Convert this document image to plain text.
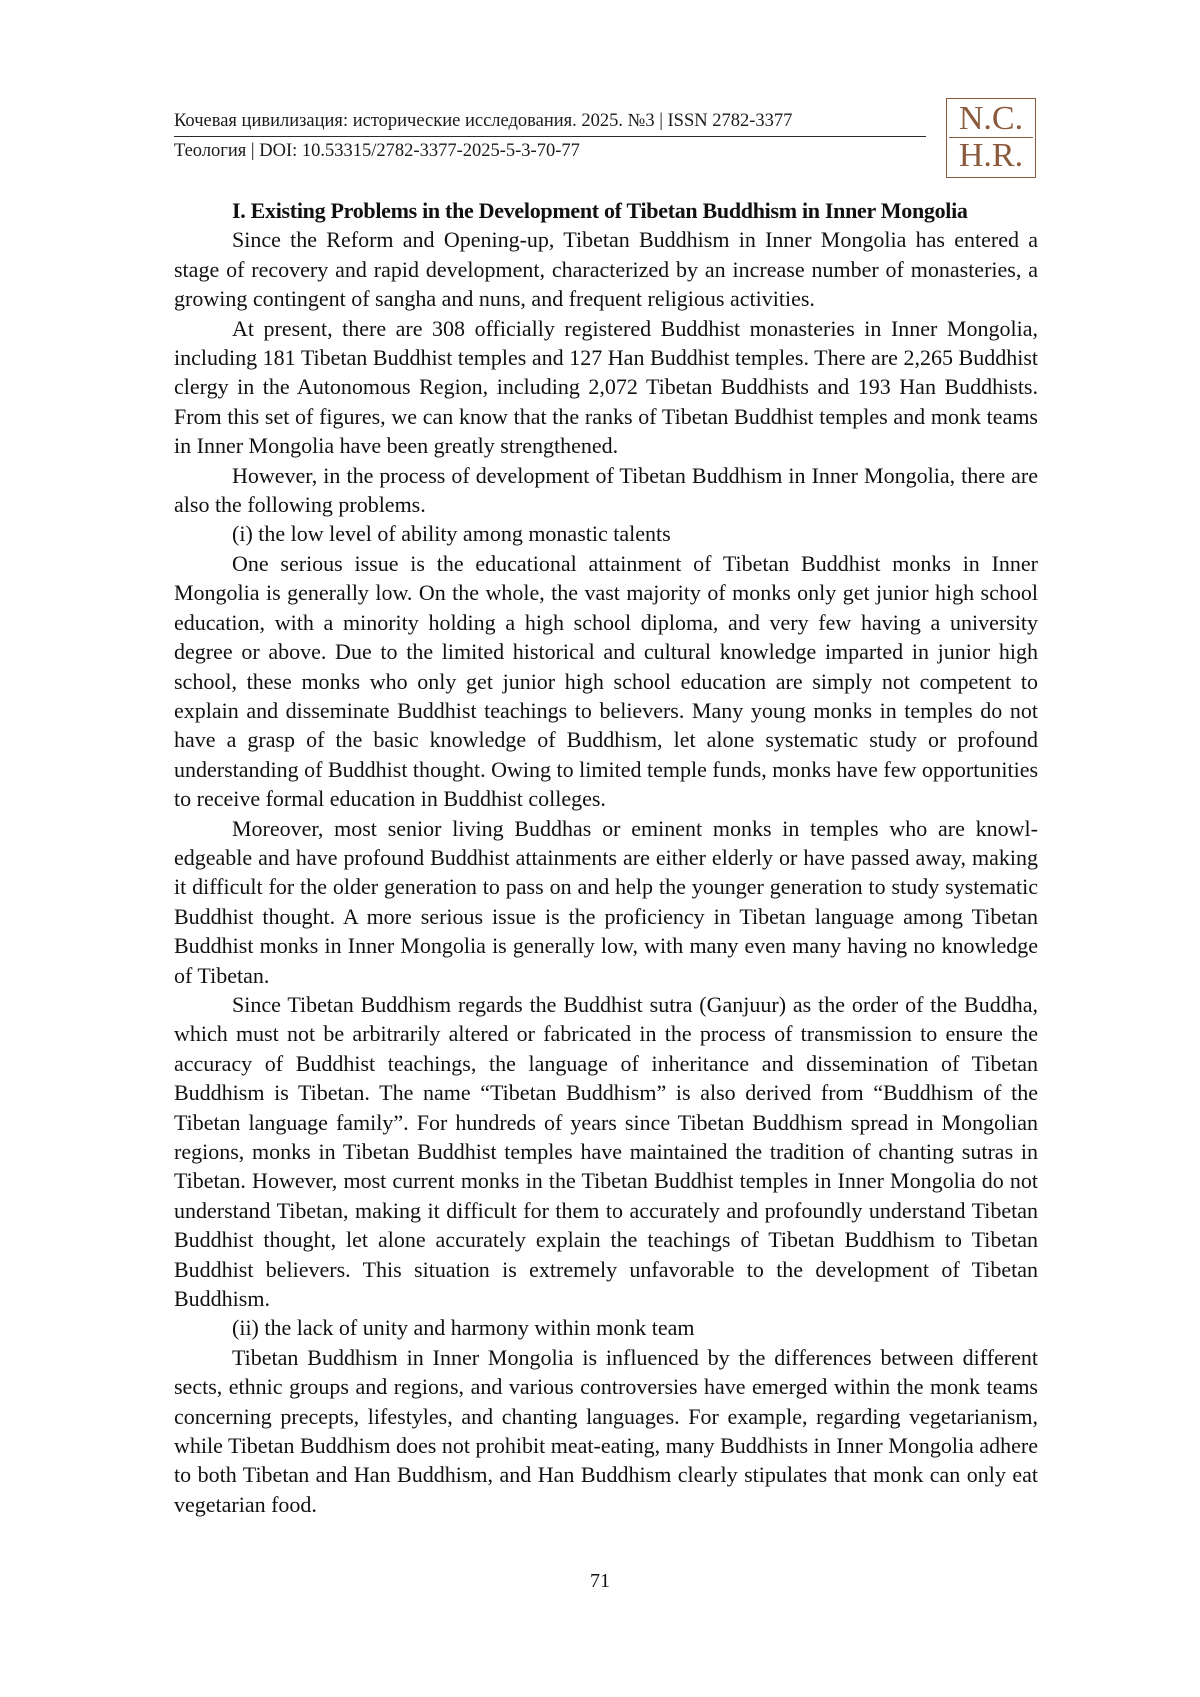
Кочевая цивилизация: исторические исследования. 2025. №3 | ISSN 2782-3377
Теология | DOI: 10.53315/2782-3377-2025-5-3-70-77
N.C.
H.R.

I. Existing Problems in the Development of Tibetan Buddhism in Inner Mongolia

Since the Reform and Opening-up, Tibetan Buddhism in Inner Mongolia has entered a stage of recovery and rapid development, characterized by an increase number of monasteries, a growing contingent of sangha and nuns, and frequent religious activities.

At present, there are 308 officially registered Buddhist monasteries in Inner Mongolia, including 181 Tibetan Buddhist temples and 127 Han Buddhist temples. There are 2,265 Buddhist clergy in the Autonomous Region, including 2,072 Tibetan Buddhists and 193 Han Buddhists. From this set of figures, we can know that the ranks of Tibetan Buddhist temples and monk teams in Inner Mongolia have been greatly strengthened.

However, in the process of development of Tibetan Buddhism in Inner Mongolia, there are also the following problems.

(i) the low level of ability among monastic talents

One serious issue is the educational attainment of Tibetan Buddhist monks in Inner Mongolia is generally low. On the whole, the vast majority of monks only get junior high school education, with a minority holding a high school diploma, and very few having a university degree or above. Due to the limited historical and cultural knowledge imparted in junior high school, these monks who only get junior high school education are simply not competent to explain and disseminate Buddhist teachings to believers. Many young monks in temples do not have a grasp of the basic knowledge of Buddhism, let alone systematic study or profound understanding of Buddhist thought. Owing to limited temple funds, monks have few opportunities to receive formal education in Buddhist colleges.

Moreover, most senior living Buddhas or eminent monks in temples who are knowledgeable and have profound Buddhist attainments are either elderly or have passed away, making it difficult for the older generation to pass on and help the younger generation to study systematic Buddhist thought. A more serious issue is the proficiency in Tibetan language among Tibetan Buddhist monks in Inner Mongolia is generally low, with many even many having no knowledge of Tibetan.

Since Tibetan Buddhism regards the Buddhist sutra (Ganjuur) as the order of the Buddha, which must not be arbitrarily altered or fabricated in the process of transmission to ensure the accuracy of Buddhist teachings, the language of inheritance and dissemination of Tibetan Buddhism is Tibetan. The name “Tibetan Buddhism” is also derived from “Buddhism of the Tibetan language family”. For hundreds of years since Tibetan Buddhism spread in Mongolian regions, monks in Tibetan Buddhist temples have maintained the tradition of chanting sutras in Tibetan. However, most current monks in the Tibetan Buddhist temples in Inner Mongolia do not understand Tibetan, making it difficult for them to accurately and profoundly understand Tibetan Buddhist thought, let alone accurately explain the teachings of Tibetan Buddhism to Tibetan Buddhist believers. This situation is extremely unfavorable to the development of Tibetan Buddhism.

(ii) the lack of unity and harmony within monk team

Tibetan Buddhism in Inner Mongolia is influenced by the differences between different sects, ethnic groups and regions, and various controversies have emerged within the monk teams concerning precepts, lifestyles, and chanting languages. For example, regarding vegetarianism, while Tibetan Buddhism does not prohibit meat-eating, many Buddhists in Inner Mongolia adhere to both Tibetan and Han Buddhism, and Han Buddhism clearly stipulates that monk can only eat vegetarian food.

71
